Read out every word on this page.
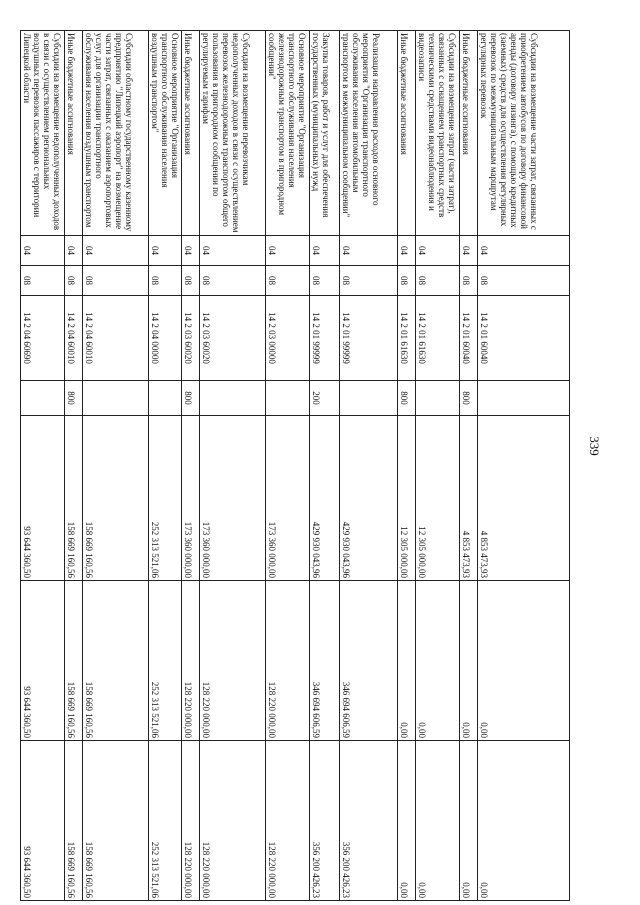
339
Субсидии на возмещение части затрат, связанных с приобретением автобусов по договору финансовой аренды (договору лизинга), с помощью кредитных (заемных) средств для осуществления регулярных перевозок по межмуниципальным маршрутам регулярных перевозок	04	08	14 2 01 60040		4 853 473,93	0,00	0,00
Иные бюджетные ассигнования	04	08	14 2 01 60040	800	4 853 473,93	0,00	0,00
Субсидии на возмещение затрат (части затрат), связанных с оснащением транспортных средств техническими средствами видеонаблюдения и видеозаписи	04	08	14 2 01 61630		12 305 000,00	0,00	0,00
Иные бюджетные ассигнования	04	08	14 2 01 61630	800	12 305 000,00	0,00	0,00
Реализация направления расходов основного мероприятия "Организация транспортного обслуживания населения автомобильным транспортом в межмуниципальном сообщении"	04	08	14 2 01 99999		429 930 043,96	346 694 606,59	356 200 426,23
Закупка товаров, работ и услуг для обеспечения государственных (муниципальных) нужд	04	08	14 2 01 99999	200	429 930 043,96	346 694 606,59	356 200 426,23
Основное мероприятие "Организация транспортного обслуживания населения железнодорожным транспортом в пригородном сообщении"	04	08	14 2 03 00000		173 360 000,00	128 220 000,00	128 220 000,00
Субсидии на возмещение перевозчикам недополученных доходов в связи с осуществлением перевозок железнодорожным транспортом общего пользования в пригородном сообщении по регулируемым тарифам	04	08	14 2 03 60020		173 360 000,00	128 220 000,00	128 220 000,00
Иные бюджетные ассигнования	04	08	14 2 03 60020	800	173 360 000,00	128 220 000,00	128 220 000,00
Основное мероприятие "Организация транспортного обслуживания населения воздушным транспортом"	04	08	14 2 04 00000		252 313 521,06	252 313 521,06	252 313 521,06
Субсидии областному государственному казенному предприятию "Липецкий аэропорт" на возмещение части затрат, связанных с оказанием аэропортовых услуг для организации транспортного обслуживания населения воздушным транспортом	04	08	14 2 04 60010		158 669 160,56	158 669 160,56	158 669 160,56
Иные бюджетные ассигнования	04	08	14 2 04 60010	800	158 669 160,56	158 669 160,56	158 669 160,56
Субсидии на возмещение недополученных доходов в связи с осуществлением региональных воздушных перевозок пассажиров с территории Липецкой области	04	08	14 2 04 60690		93 644 360,50	93 644 360,50	93 644 360,50
